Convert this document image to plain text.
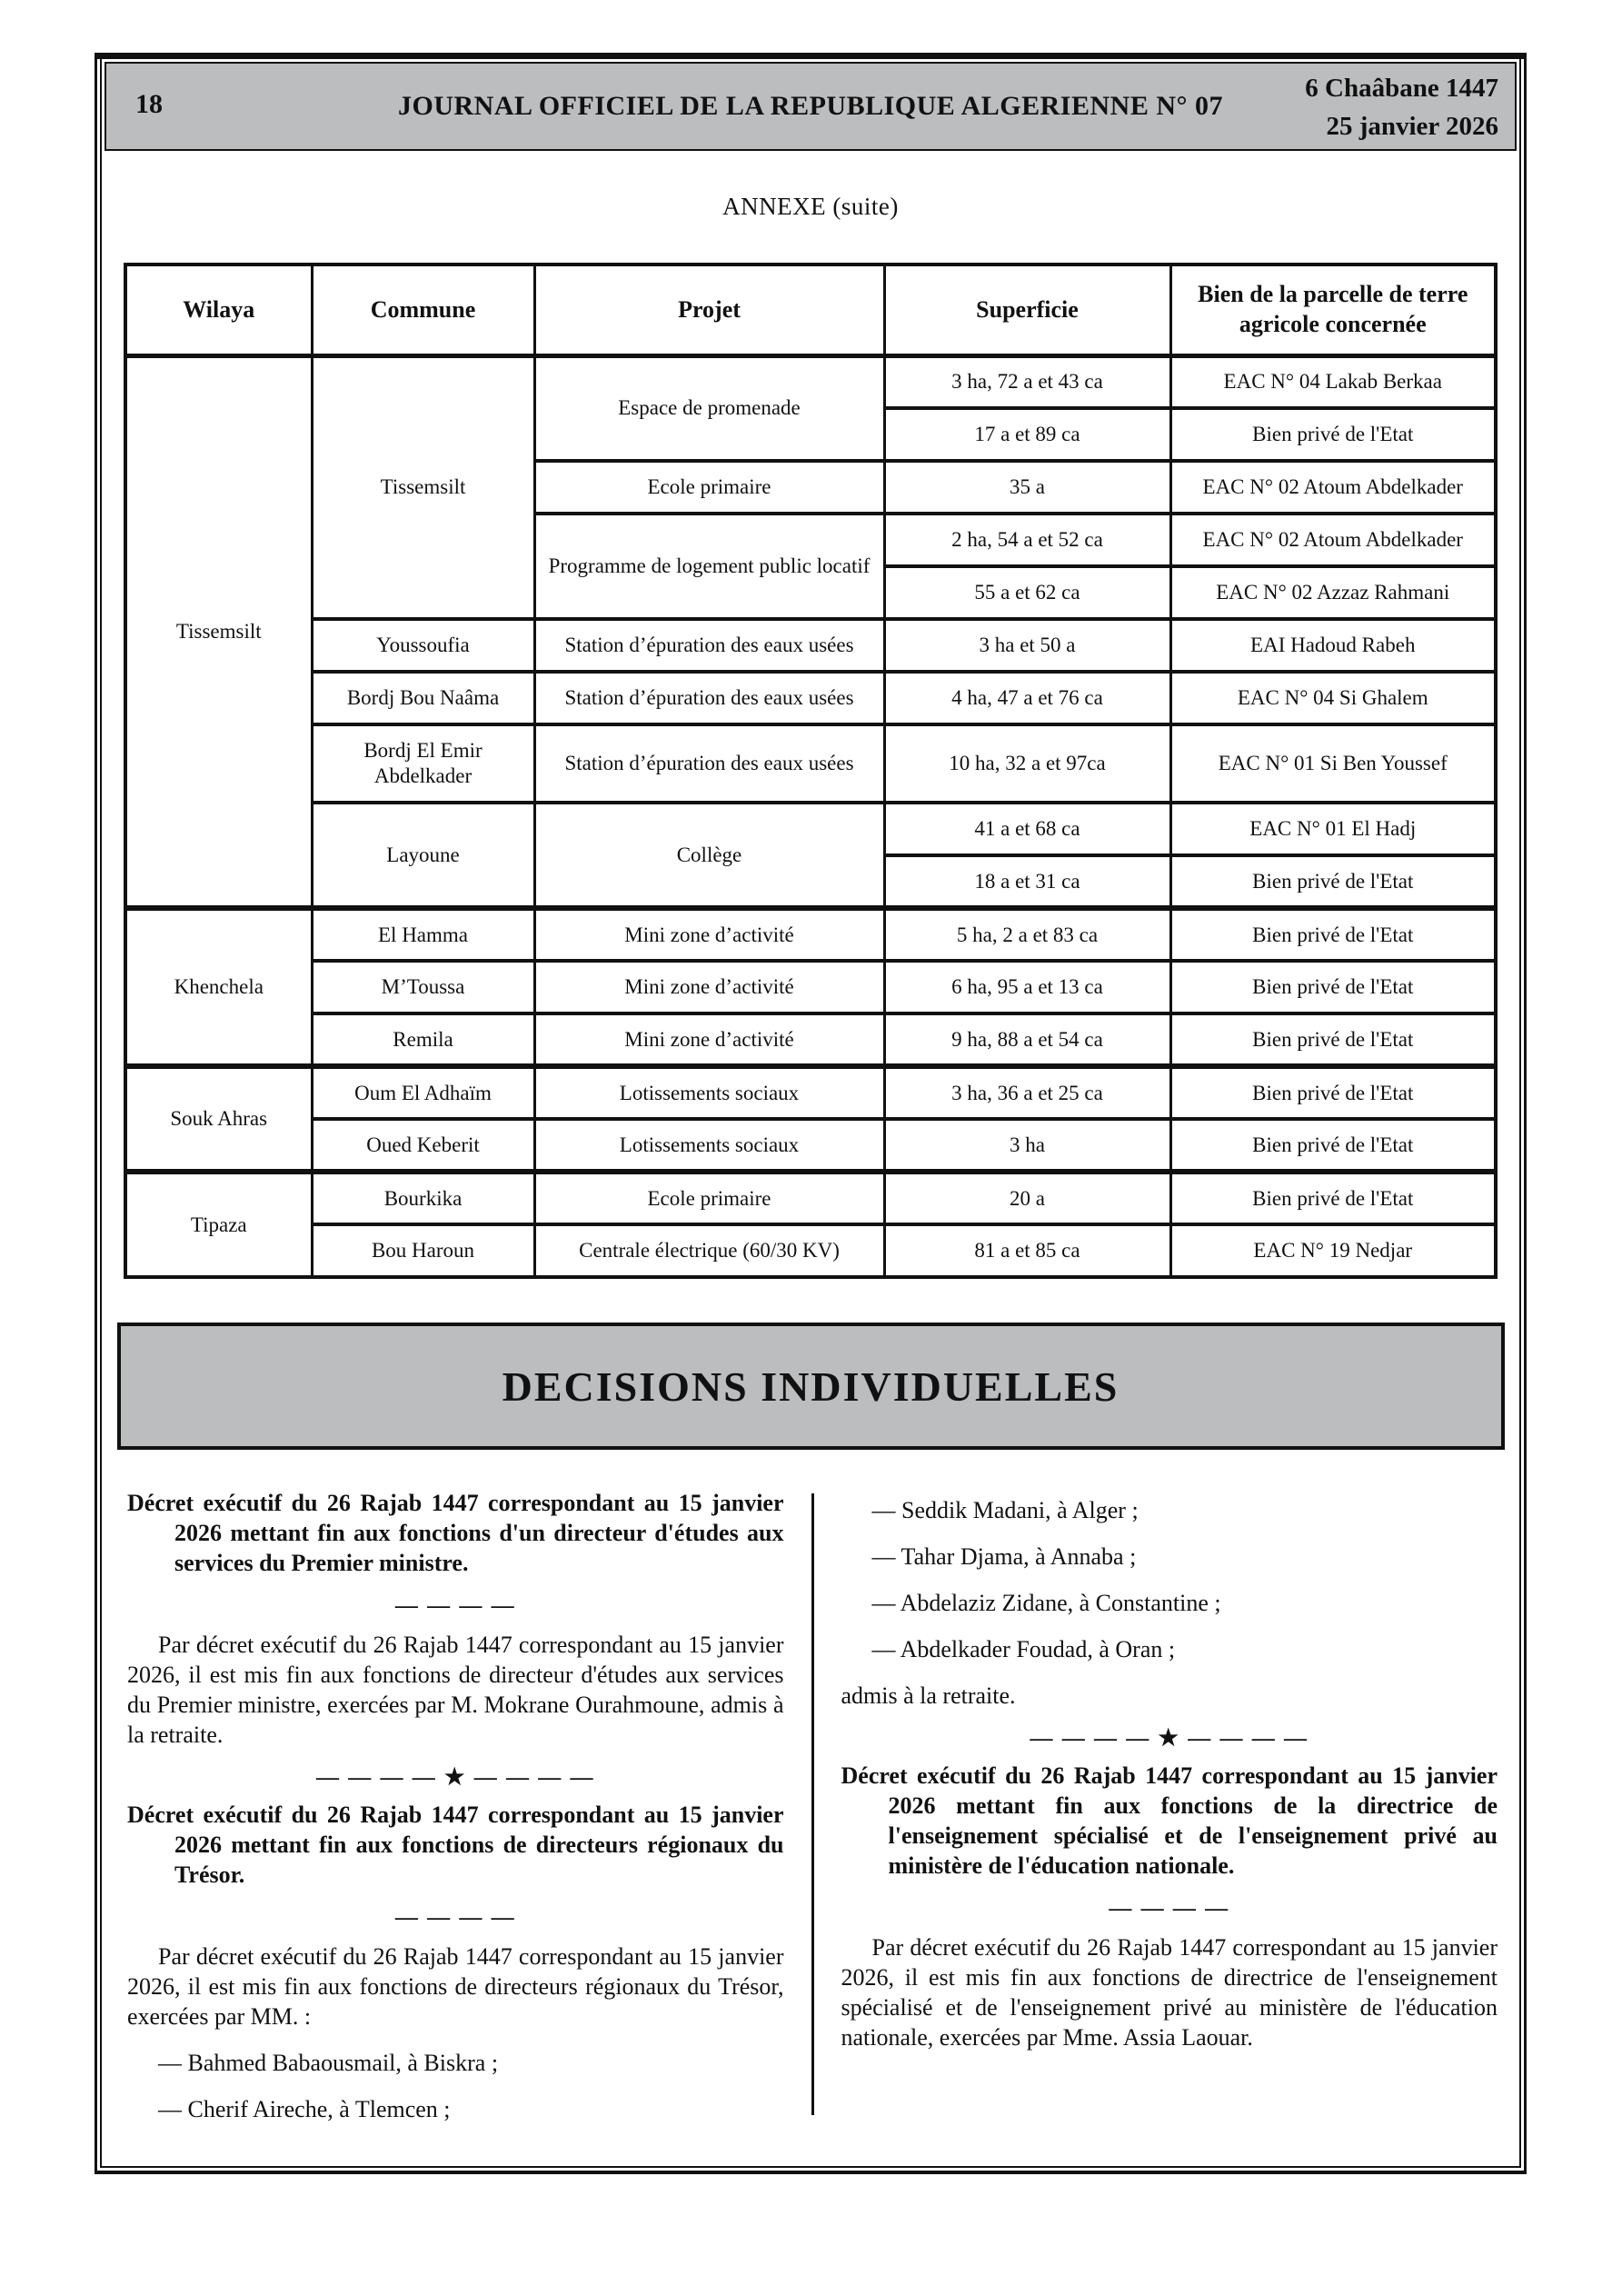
18	JOURNAL OFFICIEL DE LA REPUBLIQUE ALGERIENNE N° 07
6 Chaâbane 1447
25 janvier 2026
ANNEXE (suite)
Wilaya	Commune	Projet	Superficie	Bien de la parcelle de terre agricole concernée
Tissemsilt	Tissemsilt	Espace de promenade	3 ha, 72 a et 43 ca	EAC N° 04 Lakab Berkaa
			17 a et 89 ca	Bien privé de l'Etat
		Ecole primaire	35 a	EAC N° 02 Atoum Abdelkader
		Programme de logement public locatif	2 ha, 54 a et 52 ca	EAC N° 02 Atoum Abdelkader
			55 a et 62 ca	EAC N° 02 Azzaz Rahmani
	Youssoufia	Station d’épuration des eaux usées	3 ha et 50 a	EAI Hadoud Rabeh
	Bordj Bou Naâma	Station d’épuration des eaux usées	4 ha, 47 a et 76 ca	EAC N° 04 Si Ghalem
	Bordj El Emir Abdelkader	Station d’épuration des eaux usées	10 ha, 32 a et 97ca	EAC N° 01 Si Ben Youssef
	Layoune	Collège	41 a et 68 ca	EAC N° 01 El Hadj
			18 a et 31 ca	Bien privé de l'Etat
Khenchela	El Hamma	Mini zone d’activité	5 ha, 2 a et 83 ca	Bien privé de l'Etat
	M’Toussa	Mini zone d’activité	6 ha, 95 a et 13 ca	Bien privé de l'Etat
	Remila	Mini zone d’activité	9 ha, 88 a et 54 ca	Bien privé de l'Etat
Souk Ahras	Oum El Adhaïm	Lotissements sociaux	3 ha, 36 a et 25 ca	Bien privé de l'Etat
	Oued Keberit	Lotissements sociaux	3 ha	Bien privé de l'Etat
Tipaza	Bourkika	Ecole primaire	20 a	Bien privé de l'Etat
	Bou Haroun	Centrale électrique (60/30 KV)	81 a et 85 ca	EAC N° 19 Nedjar
DECISIONS INDIVIDUELLES

Décret exécutif du 26 Rajab 1447 correspondant au 15 janvier 2026 mettant fin aux fonctions d'un directeur d'études aux services du Premier ministre.

— — — —

Par décret exécutif du 26 Rajab 1447 correspondant au 15 janvier 2026, il est mis fin aux fonctions de directeur d'études aux services du Premier ministre, exercées par M. Mokrane Ourahmoune, admis à la retraite.

— — — — ★ — — — —

Décret exécutif du 26 Rajab 1447 correspondant au 15 janvier 2026 mettant fin aux fonctions de directeurs régionaux du Trésor.

— — — —

Par décret exécutif du 26 Rajab 1447 correspondant au 15 janvier 2026, il est mis fin aux fonctions de directeurs régionaux du Trésor, exercées par MM. :

— Bahmed Babaousmail, à Biskra ;

— Cherif Aireche, à Tlemcen ;

— Seddik Madani, à Alger ;

— Tahar Djama, à Annaba ;

— Abdelaziz Zidane, à Constantine ;

— Abdelkader Foudad, à Oran ;

admis à la retraite.

— — — — ★ — — — —

Décret exécutif du 26 Rajab 1447 correspondant au 15 janvier 2026 mettant fin aux fonctions de la directrice de l'enseignement spécialisé et de l'enseignement privé au ministère de l'éducation nationale.

— — — —

Par décret exécutif du 26 Rajab 1447 correspondant au 15 janvier 2026, il est mis fin aux fonctions de directrice de l'enseignement spécialisé et de l'enseignement privé au ministère de l'éducation nationale, exercées par Mme. Assia Laouar.
